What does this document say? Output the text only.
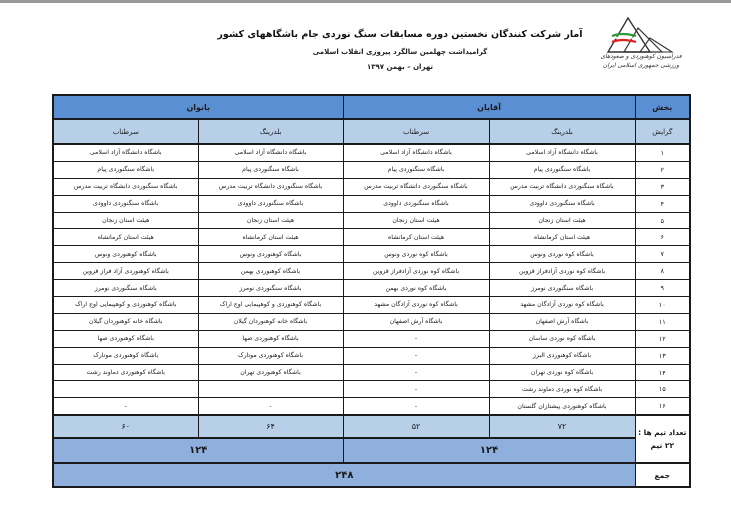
فدراسیون کوهنوردی و صعودهای ورزشی جمهوری اسلامی ایران
آمار شرکت کنندگان نخستین دوره مسابقات سنگ نوردی جام باشگاههای کشور
گرامیداشت چهلمین سالگرد پیروزی انقلاب اسلامی
تهران – بهمن ۱۳۹۷
بخش	آقایان		بانوان	
گرایش	بلدرینگ	سرطناب	بلدرینگ	سرطناب
۱	باشگاه دانشگاه آزاد اسلامی	باشگاه دانشگاه آزاد اسلامی	باشگاه دانشگاه آزاد اسلامی	باشگاه دانشگاه آزاد اسلامی
۲	باشگاه سنگنوردی پیام	باشگاه سنگنوردی پیام	باشگاه سنگنوردی پیام	باشگاه سنگنوردی پیام
۳	باشگاه سنگنوردی دانشگاه تربیت مدرس	باشگاه سنگنوردی دانشگاه تربیت مدرس	باشگاه سنگنوردی دانشگاه تربیت مدرس	باشگاه سنگنوردی دانشگاه تربیت مدرس
۴	باشگاه سنگنوردی داوودی	باشگاه سنگنوردی داوودی	باشگاه سنگنوردی داوودی	باشگاه سنگنوردی داوودی
۵	هیئت استان زنجان	هیئت استان زنجان	هیئت استان زنجان	هیئت استان زنجان
۶	هیئت استان کرمانشاه	هیئت استان کرمانشاه	هیئت استان کرمانشاه	هیئت استان کرمانشاه
۷	باشگاه کوه نوردی ونوس	باشگاه کوه نوردی ونوس	باشگاه کوهنوردی ونوس	باشگاه کوهنوردی ونوس
۸	باشگاه کوه نوردی آزادفراز قزوین	باشگاه کوه نوردی آزادفراز قزوین	باشگاه کوهنوردی بهمن	باشگاه کوهنوردی آزاد فراز قزوین
۹	باشگاه سنگنوردی نومرز	باشگاه کوه نوردی بهمن	باشگاه سنگنوردی نومرز	باشگاه سنگنوردی نومرز
۱۰	باشگاه کوه نوردی آزادگان مشهد	باشگاه کوه نوردی آزادگان مشهد	باشگاه کوهنوردی و کوهپیمایی اوج اراک	باشگاه کوهنوردی و کوهپیمایی اوج اراک
۱۱	باشگاه آرش اصفهان	باشگاه آرش اصفهان	باشگاه خانه کوهنوردان گیلان	باشگاه خانه کوهنوردان گیلان
۱۲	باشگاه کوه نوردی ساسان	-	باشگاه کوهنوردی صها	باشگاه کوهنوردی صها
۱۳	باشگاه کوهنوردی البرز	-	باشگاه کوهنوردی موتارک	باشگاه کوهنوردی موتارک
۱۴	باشگاه کوه نوردی تهران	-	باشگاه کوهنوردی تهران	باشگاه کوهنوردی دماوند رشت
۱۵	باشگاه کوه نوردی دماوند رشت	-		
۱۶	باشگاه کوهنوردی پیشتازان گلستان	-	-	-

تعداد تیم ها :
۲۲ تیم	۷۲	۵۲	۶۴	۶۰
	۱۲۴		۱۲۴	
جمع	۲۴۸			
